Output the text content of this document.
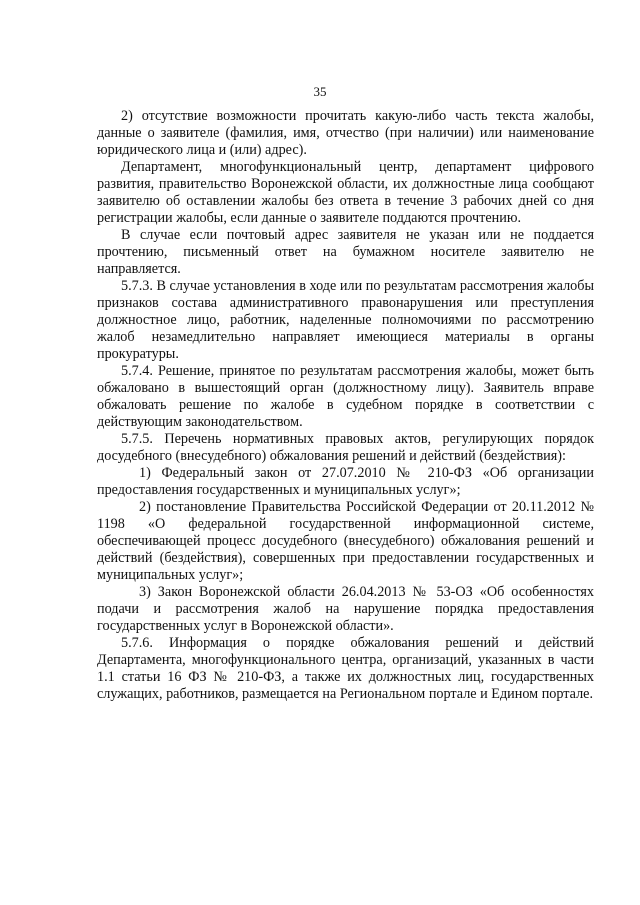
35

2) отсутствие возможности прочитать какую-либо часть текста жалобы, данные о заявителе (фамилия, имя, отчество (при наличии) или наименование юридического лица и (или) адрес).

Департамент, многофункциональный центр, департамент цифрового развития, правительство Воронежской области, их должностные лица сообщают заявителю об оставлении жалобы без ответа в течение 3 рабочих дней со дня регистрации жалобы, если данные о заявителе поддаются прочтению.

В случае если почтовый адрес заявителя не указан или не поддается прочтению, письменный ответ на бумажном носителе заявителю не направляется.

5.7.3. В случае установления в ходе или по результатам рассмотрения жалобы признаков состава административного правонарушения или преступления должностное лицо, работник, наделенные полномочиями по рассмотрению жалоб незамедлительно направляет имеющиеся материалы в органы прокуратуры.

5.7.4. Решение, принятое по результатам рассмотрения жалобы, может быть обжаловано в вышестоящий орган (должностному лицу). Заявитель вправе обжаловать решение по жалобе в судебном порядке в соответствии с действующим законодательством.

5.7.5. Перечень нормативных правовых актов, регулирующих порядок досудебного (внесудебного) обжалования решений и действий (бездействия):

1) Федеральный закон от 27.07.2010 № 210-ФЗ «Об организации предоставления государственных и муниципальных услуг»;

2) постановление Правительства Российской Федерации от 20.11.2012 № 1198 «О федеральной государственной информационной системе, обеспечивающей процесс досудебного (внесудебного) обжалования решений и действий (бездействия), совершенных при предоставлении государственных и муниципальных услуг»;

3) Закон Воронежской области 26.04.2013 № 53-ОЗ «Об особенностях подачи и рассмотрения жалоб на нарушение порядка предоставления государственных услуг в Воронежской области».

5.7.6. Информация о порядке обжалования решений и действий Департамента, многофункционального центра, организаций, указанных в части 1.1 статьи 16 ФЗ № 210-ФЗ, а также их должностных лиц, государственных служащих, работников, размещается на Региональном портале и Едином портале.
